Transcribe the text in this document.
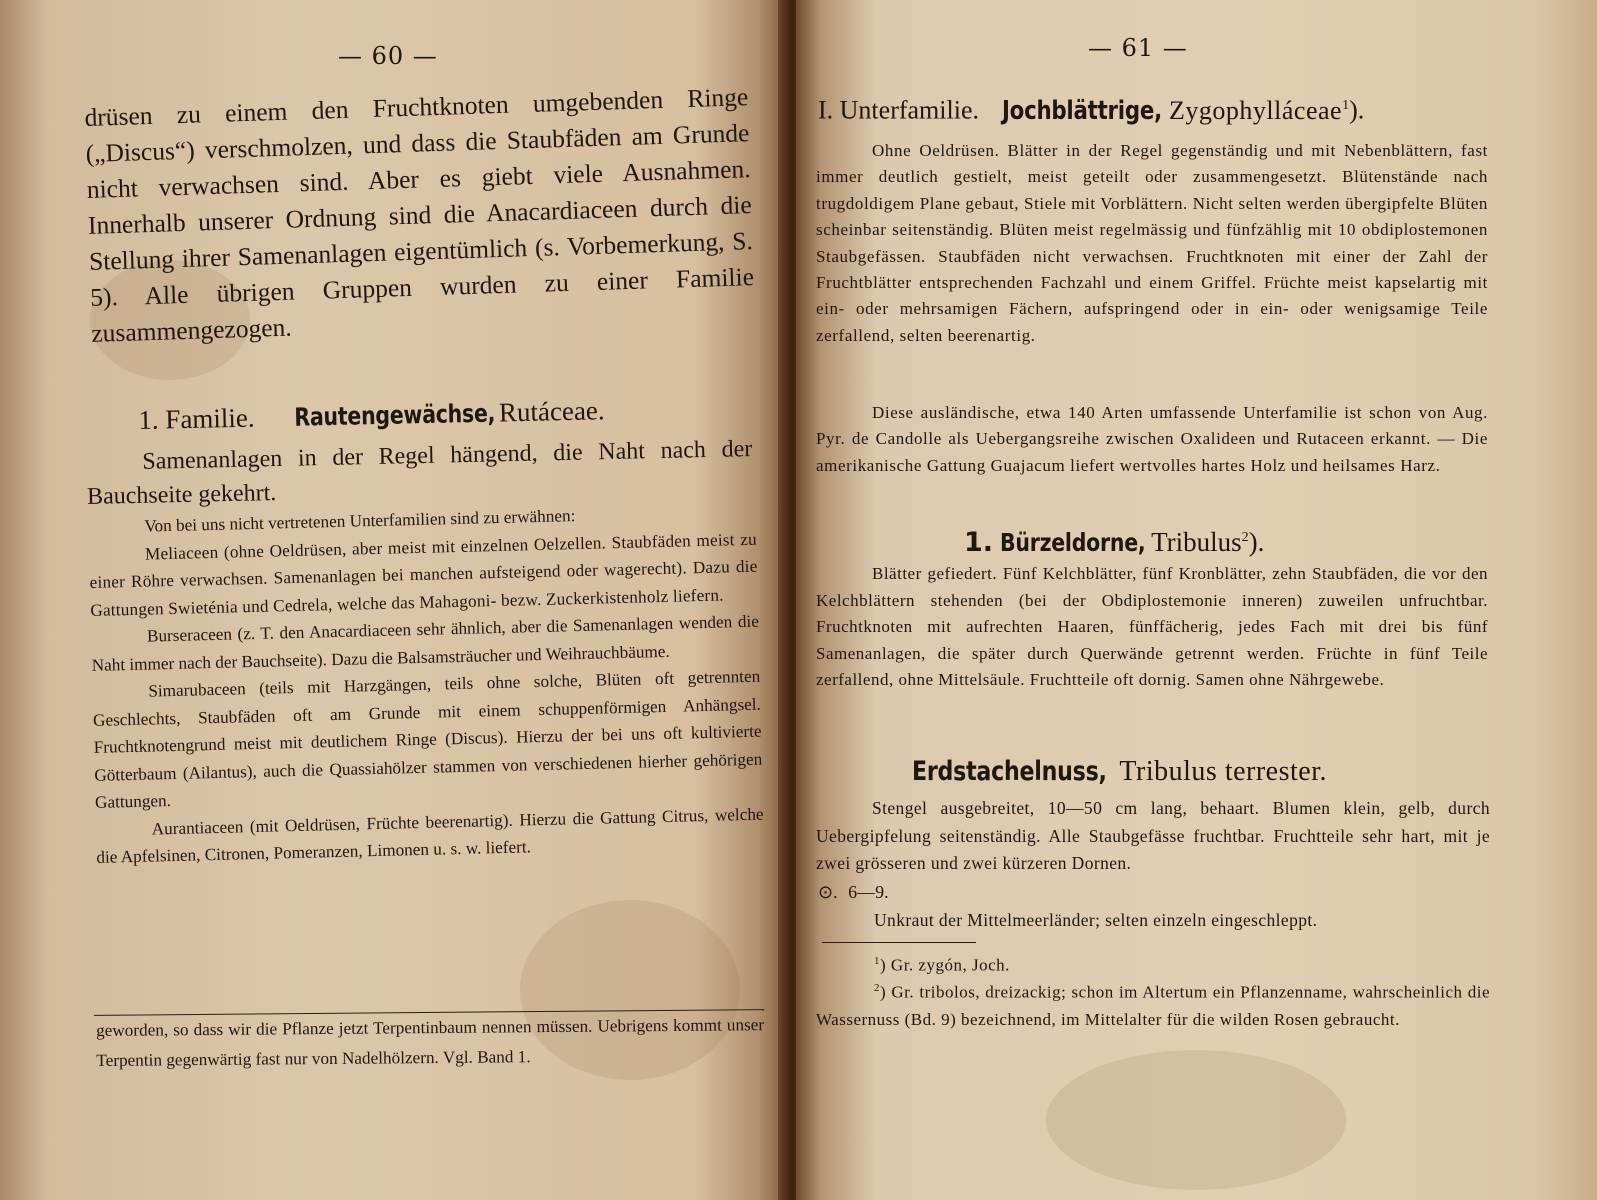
— 60 —

drüsen zu einem den Fruchtknoten umgebenden Ringe („Discus“) verschmolzen, und dass die Staubfäden am Grunde nicht verwachsen sind. Aber es giebt viele Ausnahmen. Innerhalb unserer Ordnung sind die Anacardiaceen durch die Stellung ihrer Samenanlagen eigentümlich (s. Vorbemerkung, S. 5). Alle übrigen Gruppen wurden zu einer Familie zusammengezogen.

1. Familie. Rautengewächse, Rutáceae.

Samenanlagen in der Regel hängend, die Naht nach der Bauchseite gekehrt.

Von bei uns nicht vertretenen Unterfamilien sind zu erwähnen:

Meliaceen (ohne Oeldrüsen, aber meist mit einzelnen Oelzellen. Staubfäden meist zu einer Röhre verwachsen. Samenanlagen bei manchen aufsteigend oder wagerecht). Dazu die Gattungen Swieténia und Cedrela, welche das Mahagoni- bezw. Zuckerkistenholz liefern.

Burseraceen (z. T. den Anacardiaceen sehr ähnlich, aber die Samenanlagen wenden die Naht immer nach der Bauchseite). Dazu die Balsamsträucher und Weihrauchbäume.

Simarubaceen (teils mit Harzgängen, teils ohne solche, Blüten oft getrennten Geschlechts, Staubfäden oft am Grunde mit einem schuppenförmigen Anhängsel. Fruchtknotengrund meist mit deutlichem Ringe (Discus). Hierzu der bei uns oft kultivierte Götterbaum (Ailantus), auch die Quassiahölzer stammen von verschiedenen hierher gehörigen Gattungen.

Aurantiaceen (mit Oeldrüsen, Früchte beerenartig). Hierzu die Gattung Citrus, welche die Apfelsinen, Citronen, Pomeranzen, Limonen u. s. w. liefert.

geworden, so dass wir die Pflanze jetzt Terpentinbaum nennen müssen. Uebrigens kommt unser Terpentin gegenwärtig fast nur von Nadelhölzern. Vgl. Band 1.

— 61 —
I. Unterfamilie. Jochblättrige, Zygophylláceae$^1$).

Ohne Oeldrüsen. Blätter in der Regel gegenständig und mit Nebenblättern, fast immer deutlich gestielt, meist geteilt oder zusammengesetzt. Blütenstände nach trugdoldigem Plane gebaut, Stiele mit Vorblättern. Nicht selten werden übergipfelte Blüten scheinbar seitenständig. Blüten meist regelmässig und fünfzählig mit 10 obdiplostemonen Staubgefässen. Staubfäden nicht verwachsen. Fruchtknoten mit einer der Zahl der Fruchtblätter entsprechenden Fachzahl und einem Griffel. Früchte meist kapselartig mit ein- oder mehrsamigen Fächern, aufspringend oder in ein- oder wenigsamige Teile zerfallend, selten beerenartig.

Diese ausländische, etwa 140 Arten umfassende Unterfamilie ist schon von Aug. Pyr. de Candolle als Uebergangsreihe zwischen Oxalideen und Rutaceen erkannt. — Die amerikanische Gattung Guajacum liefert wertvolles hartes Holz und heilsames Harz.

1. Bürzeldorne, Tribulus$^2$).

Blätter gefiedert. Fünf Kelchblätter, fünf Kronblätter, zehn Staubfäden, die vor den Kelchblättern stehenden (bei der Obdiplostemonie inneren) zuweilen unfruchtbar. Fruchtknoten mit aufrechten Haaren, fünffächerig, jedes Fach mit drei bis fünf Samenanlagen, die später durch Querwände getrennt werden. Früchte in fünf Teile zerfallend, ohne Mittelsäule. Fruchtteile oft dornig. Samen ohne Nährgewebe.

Erdstachelnuss, Tribulus terrester.

Stengel ausgebreitet, 10—50 cm lang, behaart. Blumen klein, gelb, durch Uebergipfelung seitenständig. Alle Staubgefässe fruchtbar. Fruchtteile sehr hart, mit je zwei grösseren und zwei kürzeren Dornen.

⊙. 6—9.

Unkraut der Mittelmeerländer; selten einzeln eingeschleppt.

$^1$) Gr. zygón, Joch.

$^2$) Gr. tribolos, dreizackig; schon im Altertum ein Pflanzenname, wahrscheinlich die Wassernuss (Bd. 9) bezeichnend, im Mittelalter für die wilden Rosen gebraucht.
